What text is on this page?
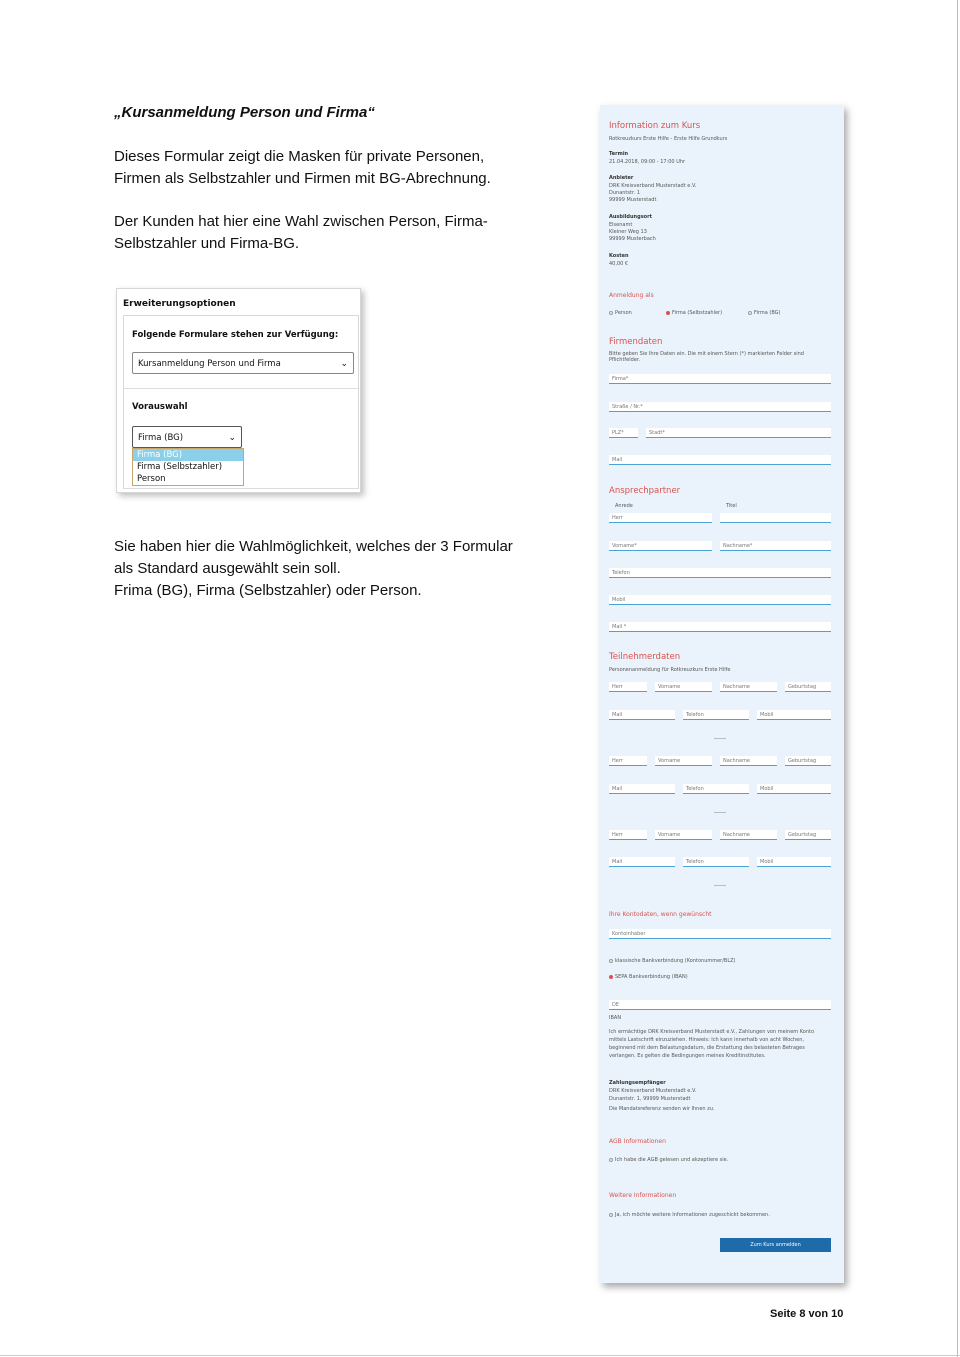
„Kursanmeldung Person und Firma“

Dieses Formular zeigt die Masken für private Personen,

Firmen als Selbstzahler und Firmen mit BG-Abrechnung.

Der Kunden hat hier eine Wahl zwischen Person, Firma-

Selbstzahler und Firma-BG.

Erweiterungsoptionen
Folgende Formulare stehen zur Verfügung:
Kursanmeldung Person und Firma	⌄
Vorauswahl
Firma (BG)	⌄
Firma (BG)
Firma (Selbstzahler)
Person

Sie haben hier die Wahlmöglichkeit, welches der 3 Formular

als Standard ausgewählt sein soll.

Frima (BG), Firma (Selbstzahler) oder Person.

Information zum Kurs
Rotkreuzkurs Erste Hilfe - Erste Hilfe Grundkurs
Termin
21.04.2018, 09:00 - 17:00 Uhr
Anbieter
DRK Kreisverband Musterstadt e.V.
Dunantstr. 1
99999 Musterstadt
Ausbildungsort
Elsenamt
Kleiner Weg 13
99999 Musterbach
Kosten
40,00 €
Anmeldung als
Person	Firma (Selbstzahler)	Firma (BG)
Firmendaten
Bitte geben Sie Ihre Daten ein. Die mit einem Stern (*) markierten Felder sind Pflichtfelder.
Firma*
Straße / Nr.*
PLZ*	Stadt*
Mail
Ansprechpartner
Anrede	Titel
Herr
Vorname*	Nachname*
Telefon
Mobil
Mail *
Teilnehmerdaten
Personenanmeldung für Rotkreuzkurs Erste Hilfe
Herr	Vorname	Nachname	Geburtstag
Mail	Telefon	Mobil
Herr	Vorname	Nachname	Geburtstag
Mail	Telefon	Mobil
Herr	Vorname	Nachname	Geburtstag
Mail	Telefon	Mobil
Ihre Kontodaten, wenn gewünscht
Kontoinhaber
klassische Bankverbindung (Kontonummer/BLZ)
SEPA Bankverbindung (IBAN)
DE
IBAN
Ich ermächtige DRK Kreisverband Musterstadt e.V., Zahlungen von meinem Konto mittels Lastschrift einzuziehen. Hinweis: Ich kann innerhalb von acht Wochen, beginnend mit dem Belastungsdatum, die Erstattung des belasteten Betrages verlangen. Es gelten die Bedingungen meines Kreditinstitutes.
Zahlungsempfänger
DRK Kreisverband Musterstadt e.V.
Dunantstr. 1, 99999 Musterstadt
Die Mandatsreferenz senden wir Ihnen zu.
AGB Informationen
Ich habe die AGB gelesen und akzeptiere sie.
Weitere Informationen
Ja, ich möchte weitere Informationen zugeschickt bekommen.
Zum Kurs anmelden
Seite 8 von 10
